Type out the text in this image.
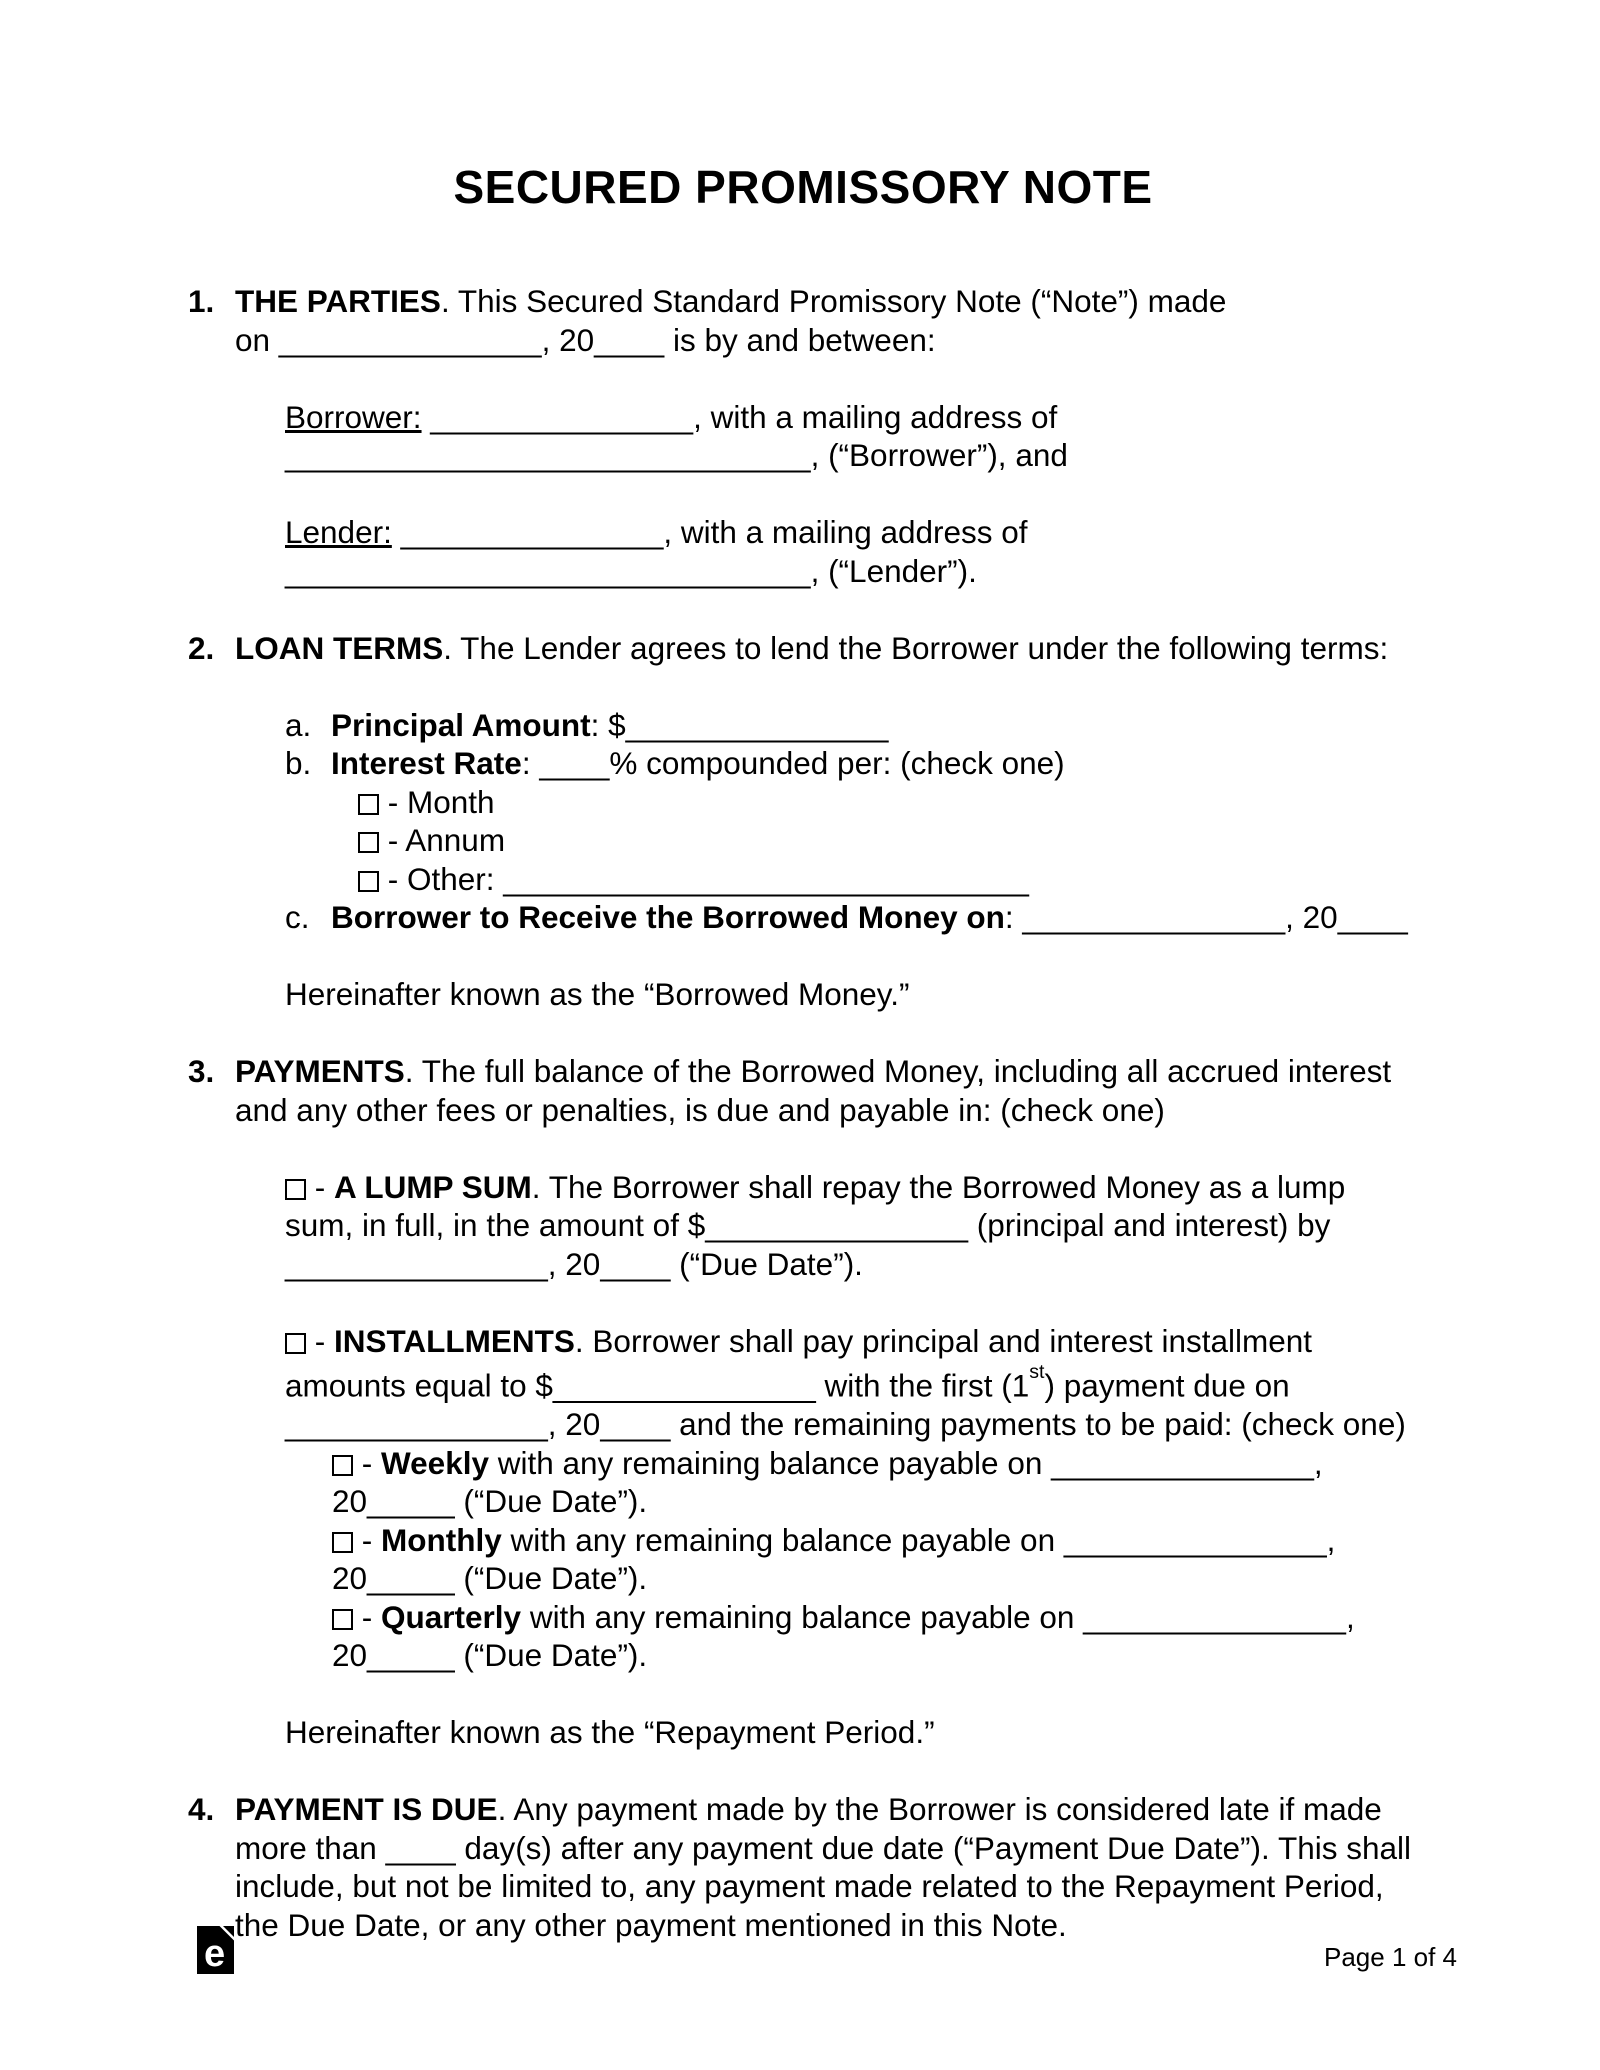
SECURED PROMISSORY NOTE
1. THE PARTIES. This Secured Standard Promissory Note (“Note”) made
on _______________, 20____ is by and between:
Borrower: _______________, with a mailing address of
______________________________, (“Borrower”), and
Lender: _______________, with a mailing address of
______________________________, (“Lender”).
2. LOAN TERMS. The Lender agrees to lend the Borrower under the following terms:
a. Principal Amount: $_______________
b. Interest Rate: ____% compounded per: (check one)
- Month
- Annum
- Other: ______________________________
c. Borrower to Receive the Borrowed Money on: _______________, 20____
Hereinafter known as the “Borrowed Money.”
3. PAYMENTS. The full balance of the Borrowed Money, including all accrued interest
and any other fees or penalties, is due and payable in: (check one)
- A LUMP SUM. The Borrower shall repay the Borrowed Money as a lump
sum, in full, in the amount of $_______________ (principal and interest) by
_______________, 20____ (“Due Date”).
- INSTALLMENTS. Borrower shall pay principal and interest installment
amounts equal to $_______________ with the first (1st) payment due on
_______________, 20____ and the remaining payments to be paid: (check one)
- Weekly with any remaining balance payable on _______________,
20_____ (“Due Date”).
- Monthly with any remaining balance payable on _______________,
20_____ (“Due Date”).
- Quarterly with any remaining balance payable on _______________,
20_____ (“Due Date”).
Hereinafter known as the “Repayment Period.”
4. PAYMENT IS DUE. Any payment made by the Borrower is considered late if made
more than ____ day(s) after any payment due date (“Payment Due Date”). This shall
include, but not be limited to, any payment made related to the Repayment Period,
the Due Date, or any other payment mentioned in this Note.
e	Page 1 of 4
